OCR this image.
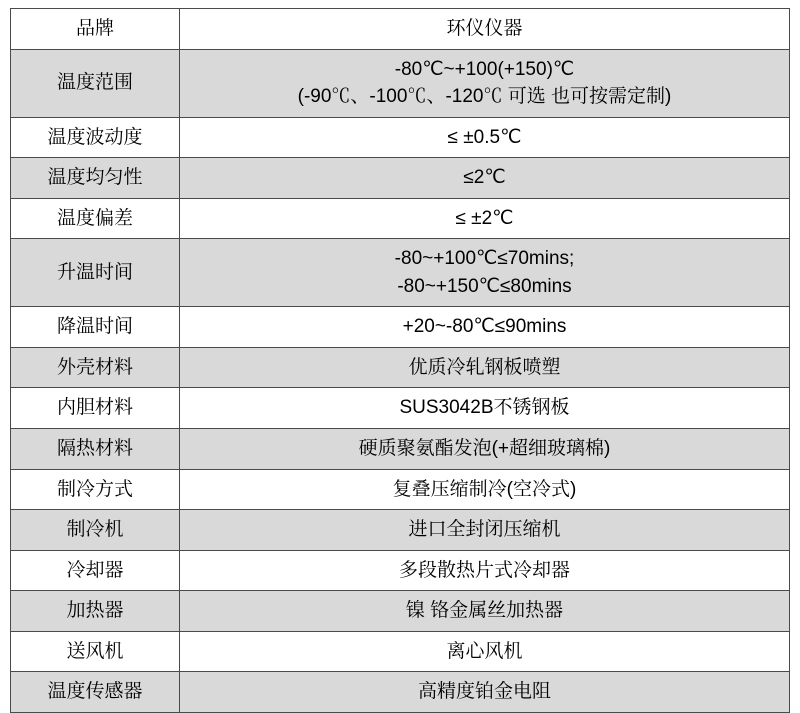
品牌	环仪仪器

温度范围	-80℃~+100(+150)℃
(-90℃、-100℃、-120℃ 可选 也可按需定制)

温度波动度	≤ ±0.5℃

温度均匀性	≤2℃

温度偏差	≤ ±2℃

升温时间	-80~+100℃≤70mins;
-80~+150℃≤80mins

降温时间	+20~-80℃≤90mins

外壳材料	优质冷轧钢板喷塑

内胆材料	SUS3042B不锈钢板

隔热材料	硬质聚氨酯发泡(+超细玻璃棉)

制冷方式	复叠压缩制冷(空冷式)

制冷机	进口全封闭压缩机

冷却器	多段散热片式冷却器

加热器	镍 铬金属丝加热器

送风机	离心风机

温度传感器	高精度铂金电阻
